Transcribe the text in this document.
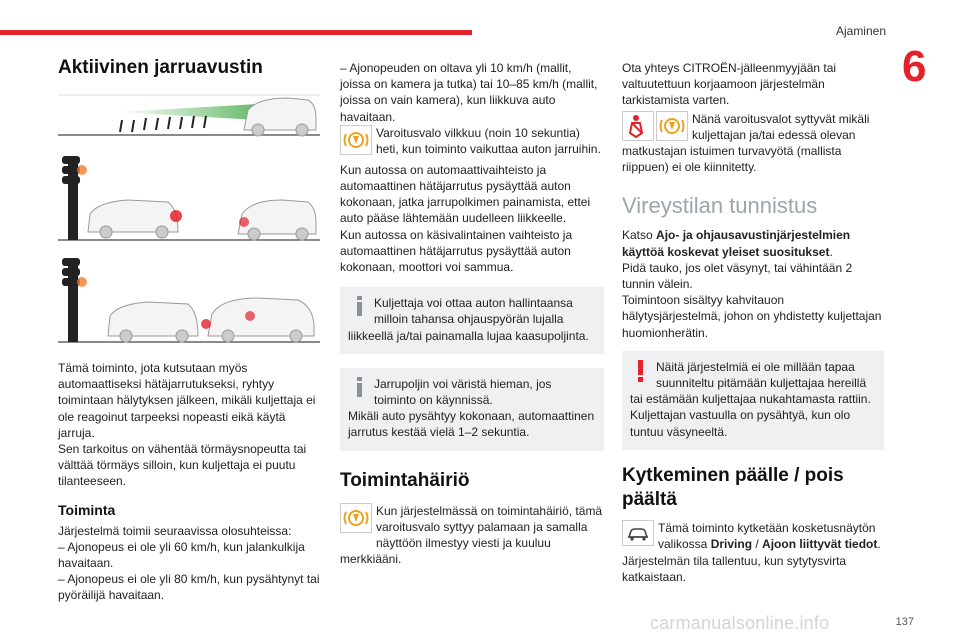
Ajaminen
6
Aktiivinen jarruavustin

Tämä toiminto, jota kutsutaan myös automaattiseksi hätäjarrutukseksi, ryhtyy toimintaan hälytyksen jälkeen, mikäli kuljettaja ei ole reagoinut tarpeeksi nopeasti eikä käytä jarruja.

Sen tarkoitus on vähentää törmäysnopeutta tai välttää törmäys silloin, kun kuljettaja ei puutu tilanteeseen.

Toiminta

Järjestelmä toimii seuraavissa olosuhteissa:

– Ajonopeus ei ole yli 60 km/h, kun jalankulkija havaitaan.

– Ajonopeus ei ole yli 80 km/h, kun pysähtynyt tai pyöräilijä havaitaan.

– Ajonopeuden on oltava yli 10 km/h (mallit, joissa on kamera ja tutka) tai 10–85 km/h (mallit, joissa on vain kamera), kun liikkuva auto havaitaan.

Varoitusvalo vilkkuu (noin 10 sekuntia) heti, kun toiminto vaikuttaa auton jarruihin.

Kun autossa on automaattivaihteisto ja automaattinen hätäjarrutus pysäyttää auton kokonaan, jatka jarrupolkimen painamista, ettei auto pääse lähtemään uudelleen liikkeelle.

Kun autossa on käsivalintainen vaihteisto ja automaattinen hätäjarrutus pysäyttää auton kokonaan, moottori voi sammua.

Kuljettaja voi ottaa auton hallintaansa milloin tahansa ohjauspyörän lujalla liikkeellä ja/tai painamalla lujaa kaasupoljinta.

Jarrupoljin voi väristä hieman, jos toiminto on käynnissä.

Mikäli auto pysähtyy kokonaan, automaattinen jarrutus kestää vielä 1–2 sekuntia.

Toimintahäiriö

Kun järjestelmässä on toimintahäiriö, tämä varoitusvalo syttyy palamaan ja samalla näyttöön ilmestyy viesti ja kuuluu merkkiääni.

Ota yhteys CITROËN-jälleenmyyjään tai valtuutettuun korjaamoon järjestelmän tarkistamista varten.

Nänä varoitusvalot syttyvät mikäli kuljettajan ja/tai edessä olevan matkustajan istuimen turvavyötä (mallista riippuen) ei ole kiinnitetty.

Vireystilan tunnistus

Katso Ajo- ja ohjausavustinjärjestelmien käyttöä koskevat yleiset suositukset.

Pidä tauko, jos olet väsynyt, tai vähintään 2 tunnin välein.

Toimintoon sisältyy kahvitauon hälytysjärjestelmä, johon on yhdistetty kuljettajan huomionherätin.

Näitä järjestelmiä ei ole millään tapaa suunniteltu pitämään kuljettajaa hereillä tai estämään kuljettajaa nukahtamasta rattiin. Kuljettajan vastuulla on pysähtyä, kun olo tuntuu väsyneeltä.

Kytkeminen päälle / pois päältä

Tämä toiminto kytketään kosketusnäytön valikossa Driving / Ajoon liittyvät tiedot.

Järjestelmän tila tallentuu, kun sytytysvirta katkaistaan.

carmanualsonline.info	137
